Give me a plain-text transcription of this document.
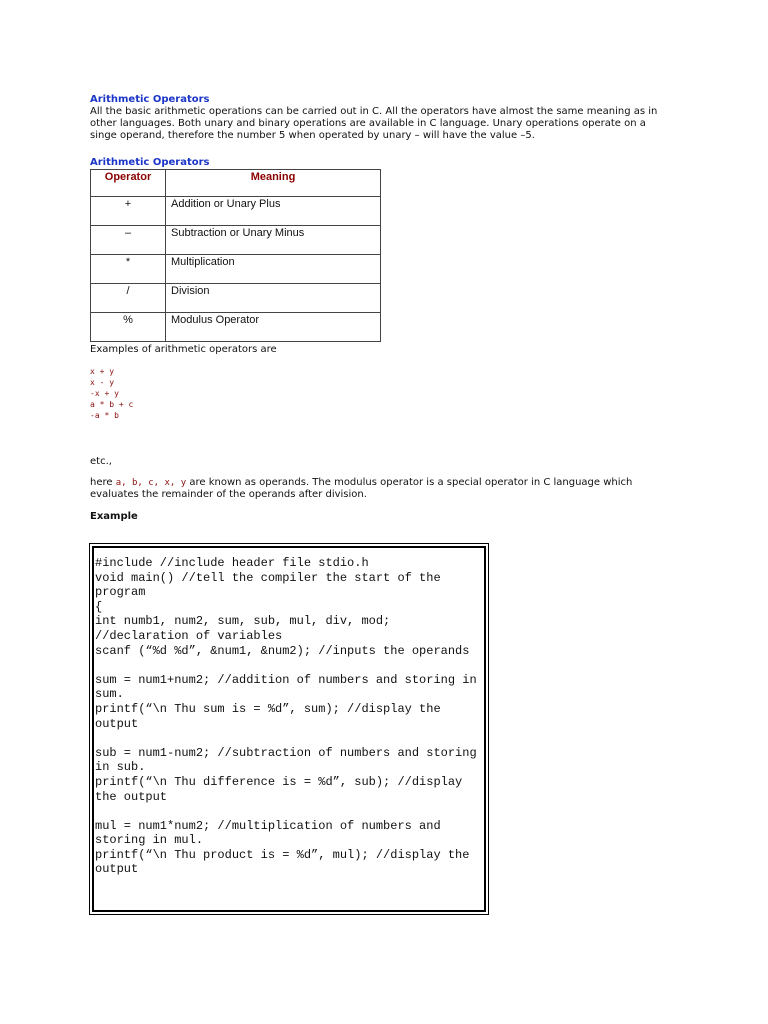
Arithmetic Operators

All the basic arithmetic operations can be carried out in C. All the operators have almost the same meaning as in other languages. Both unary and binary operations are available in C language. Unary operations operate on a singe operand, therefore the number 5 when operated by unary – will have the value –5.

Arithmetic Operators
Operator	Meaning
+	Addition or Unary Plus
–	Subtraction or Unary Minus
*	Multiplication
/	Division
%	Modulus Operator
Examples of arithmetic operators are
x + y
x - y
-x + y
a * b + c
-a * b
etc.,

here a, b, c, x, y are known as operands. The modulus operator is a special operator in C language which evaluates the remainder of the operands after division.

Example
#include //include header file stdio.h
void main() //tell the compiler the start of the program
{
int numb1, num2, sum, sub, mul, div, mod;
//declaration of variables
scanf (“%d %d”, &num1, &num2); //inputs the operands

sum = num1+num2; //addition of numbers and storing in sum.
printf(“\n Thu sum is = %d”, sum); //display the output

sub = num1-num2; //subtraction of numbers and storing in sub.
printf(“\n Thu difference is = %d”, sub); //display the output

mul = num1*num2; //multiplication of numbers and storing in mul.
printf(“\n Thu product is = %d”, mul); //display the output
